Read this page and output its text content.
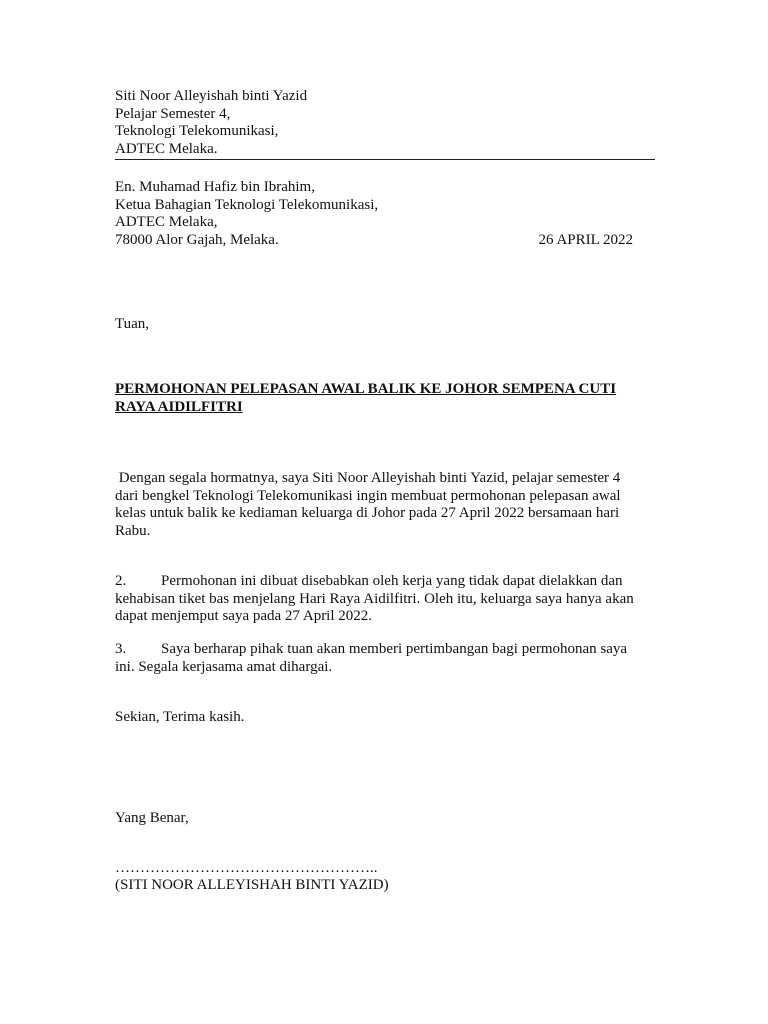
Siti Noor Alleyishah binti Yazid
Pelajar Semester 4,
Teknologi Telekomunikasi,
ADTEC Melaka.
En. Muhamad Hafiz bin Ibrahim,
Ketua Bahagian Teknologi Telekomunikasi,
ADTEC Melaka,
78000 Alor Gajah, Melaka.	26 APRIL 2022
Tuan,
PERMOHONAN PELEPASAN AWAL BALIK KE JOHOR SEMPENA CUTI
RAYA AIDILFITRI
Dengan segala hormatnya, saya Siti Noor Alleyishah binti Yazid, pelajar semester 4
dari bengkel Teknologi Telekomunikasi ingin membuat permohonan pelepasan awal
kelas untuk balik ke kediaman keluarga di Johor pada 27 April 2022 bersamaan hari
Rabu.
2. Permohonan ini dibuat disebabkan oleh kerja yang tidak dapat dielakkan dan
kehabisan tiket bas menjelang Hari Raya Aidilfitri. Oleh itu, keluarga saya hanya akan
dapat menjemput saya pada 27 April 2022.
3. Saya berharap pihak tuan akan memberi pertimbangan bagi permohonan saya
ini. Segala kerjasama amat dihargai.
Sekian, Terima kasih.
Yang Benar,
……………………………………………..
(SITI NOOR ALLEYISHAH BINTI YAZID)
